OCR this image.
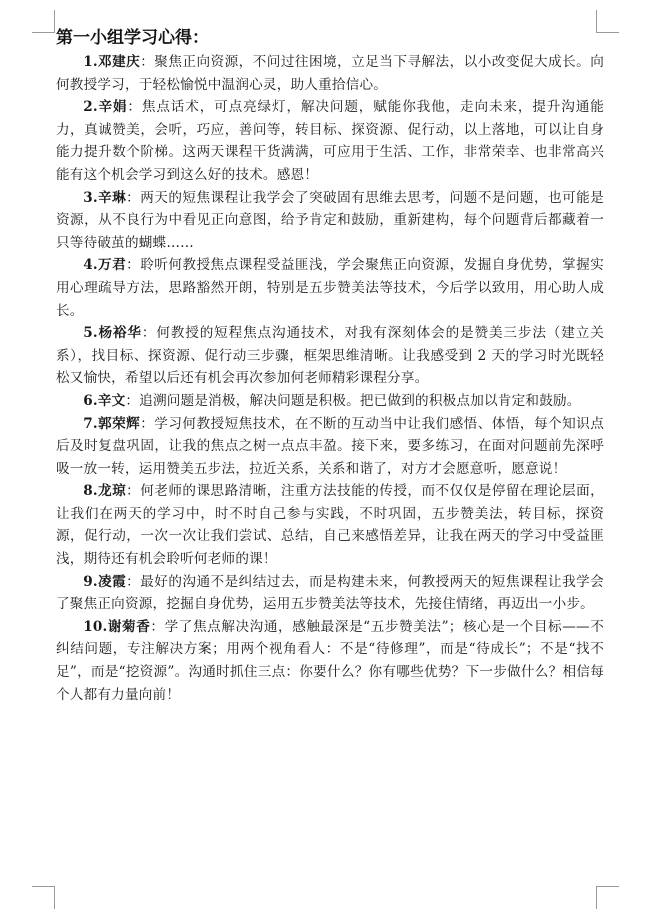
第一小组学习心得：

1.邓建庆：聚焦正向资源，不问过往困境，立足当下寻解法，以小改变促大成长。向何教授学习，于轻松愉悦中温润心灵，助人重拾信心。

2.辛娟：焦点话术，可点亮绿灯，解决问题，赋能你我他，走向未来，提升沟通能力，真诚赞美，会听，巧应，善问等，转目标、探资源、促行动，以上落地，可以让自身能力提升数个阶梯。这两天课程干货满满，可应用于生活、工作，非常荣幸、也非常高兴能有这个机会学习到这么好的技术。感恩！

3.辛琳：两天的短焦课程让我学会了突破固有思维去思考，问题不是问题，也可能是资源，从不良行为中看见正向意图，给予肯定和鼓励，重新建构，每个问题背后都藏着一只等待破茧的蝴蝶……

4.万君：聆听何教授焦点课程受益匪浅，学会聚焦正向资源，发掘自身优势，掌握实用心理疏导方法，思路豁然开朗，特别是五步赞美法等技术，今后学以致用，用心助人成长。

5.杨裕华：何教授的短程焦点沟通技术，对我有深刻体会的是赞美三步法（建立关系），找目标、探资源、促行动三步骤，框架思维清晰。让我感受到 2 天的学习时光既轻松又愉快，希望以后还有机会再次参加何老师精彩课程分享。

6.辛文：追溯问题是消极，解决问题是积极。把已做到的积极点加以肯定和鼓励。

7.郭荣辉：学习何教授短焦技术，在不断的互动当中让我们感悟、体悟，每个知识点后及时复盘巩固，让我的焦点之树一点点丰盈。接下来，要多练习，在面对问题前先深呼吸一放一转，运用赞美五步法，拉近关系，关系和谐了，对方才会愿意听，愿意说！

8.龙琼：何老师的课思路清晰，注重方法技能的传授，而不仅仅是停留在理论层面，让我们在两天的学习中，时不时自己参与实践，不时巩固，五步赞美法，转目标，探资源，促行动，一次一次让我们尝试、总结，自己来感悟差异，让我在两天的学习中受益匪浅，期待还有机会聆听何老师的课！

9.凌霞：最好的沟通不是纠结过去，而是构建未来，何教授两天的短焦课程让我学会了聚焦正向资源，挖掘自身优势，运用五步赞美法等技术，先接住情绪，再迈出一小步。

10.谢菊香：学了焦点解决沟通，感触最深是“五步赞美法”；核心是一个目标——不纠结问题，专注解决方案；用两个视角看人：不是“待修理”，而是“待成长”；不是“找不足”，而是“挖资源”。沟通时抓住三点：你要什么？你有哪些优势？下一步做什么？相信每个人都有力量向前！
